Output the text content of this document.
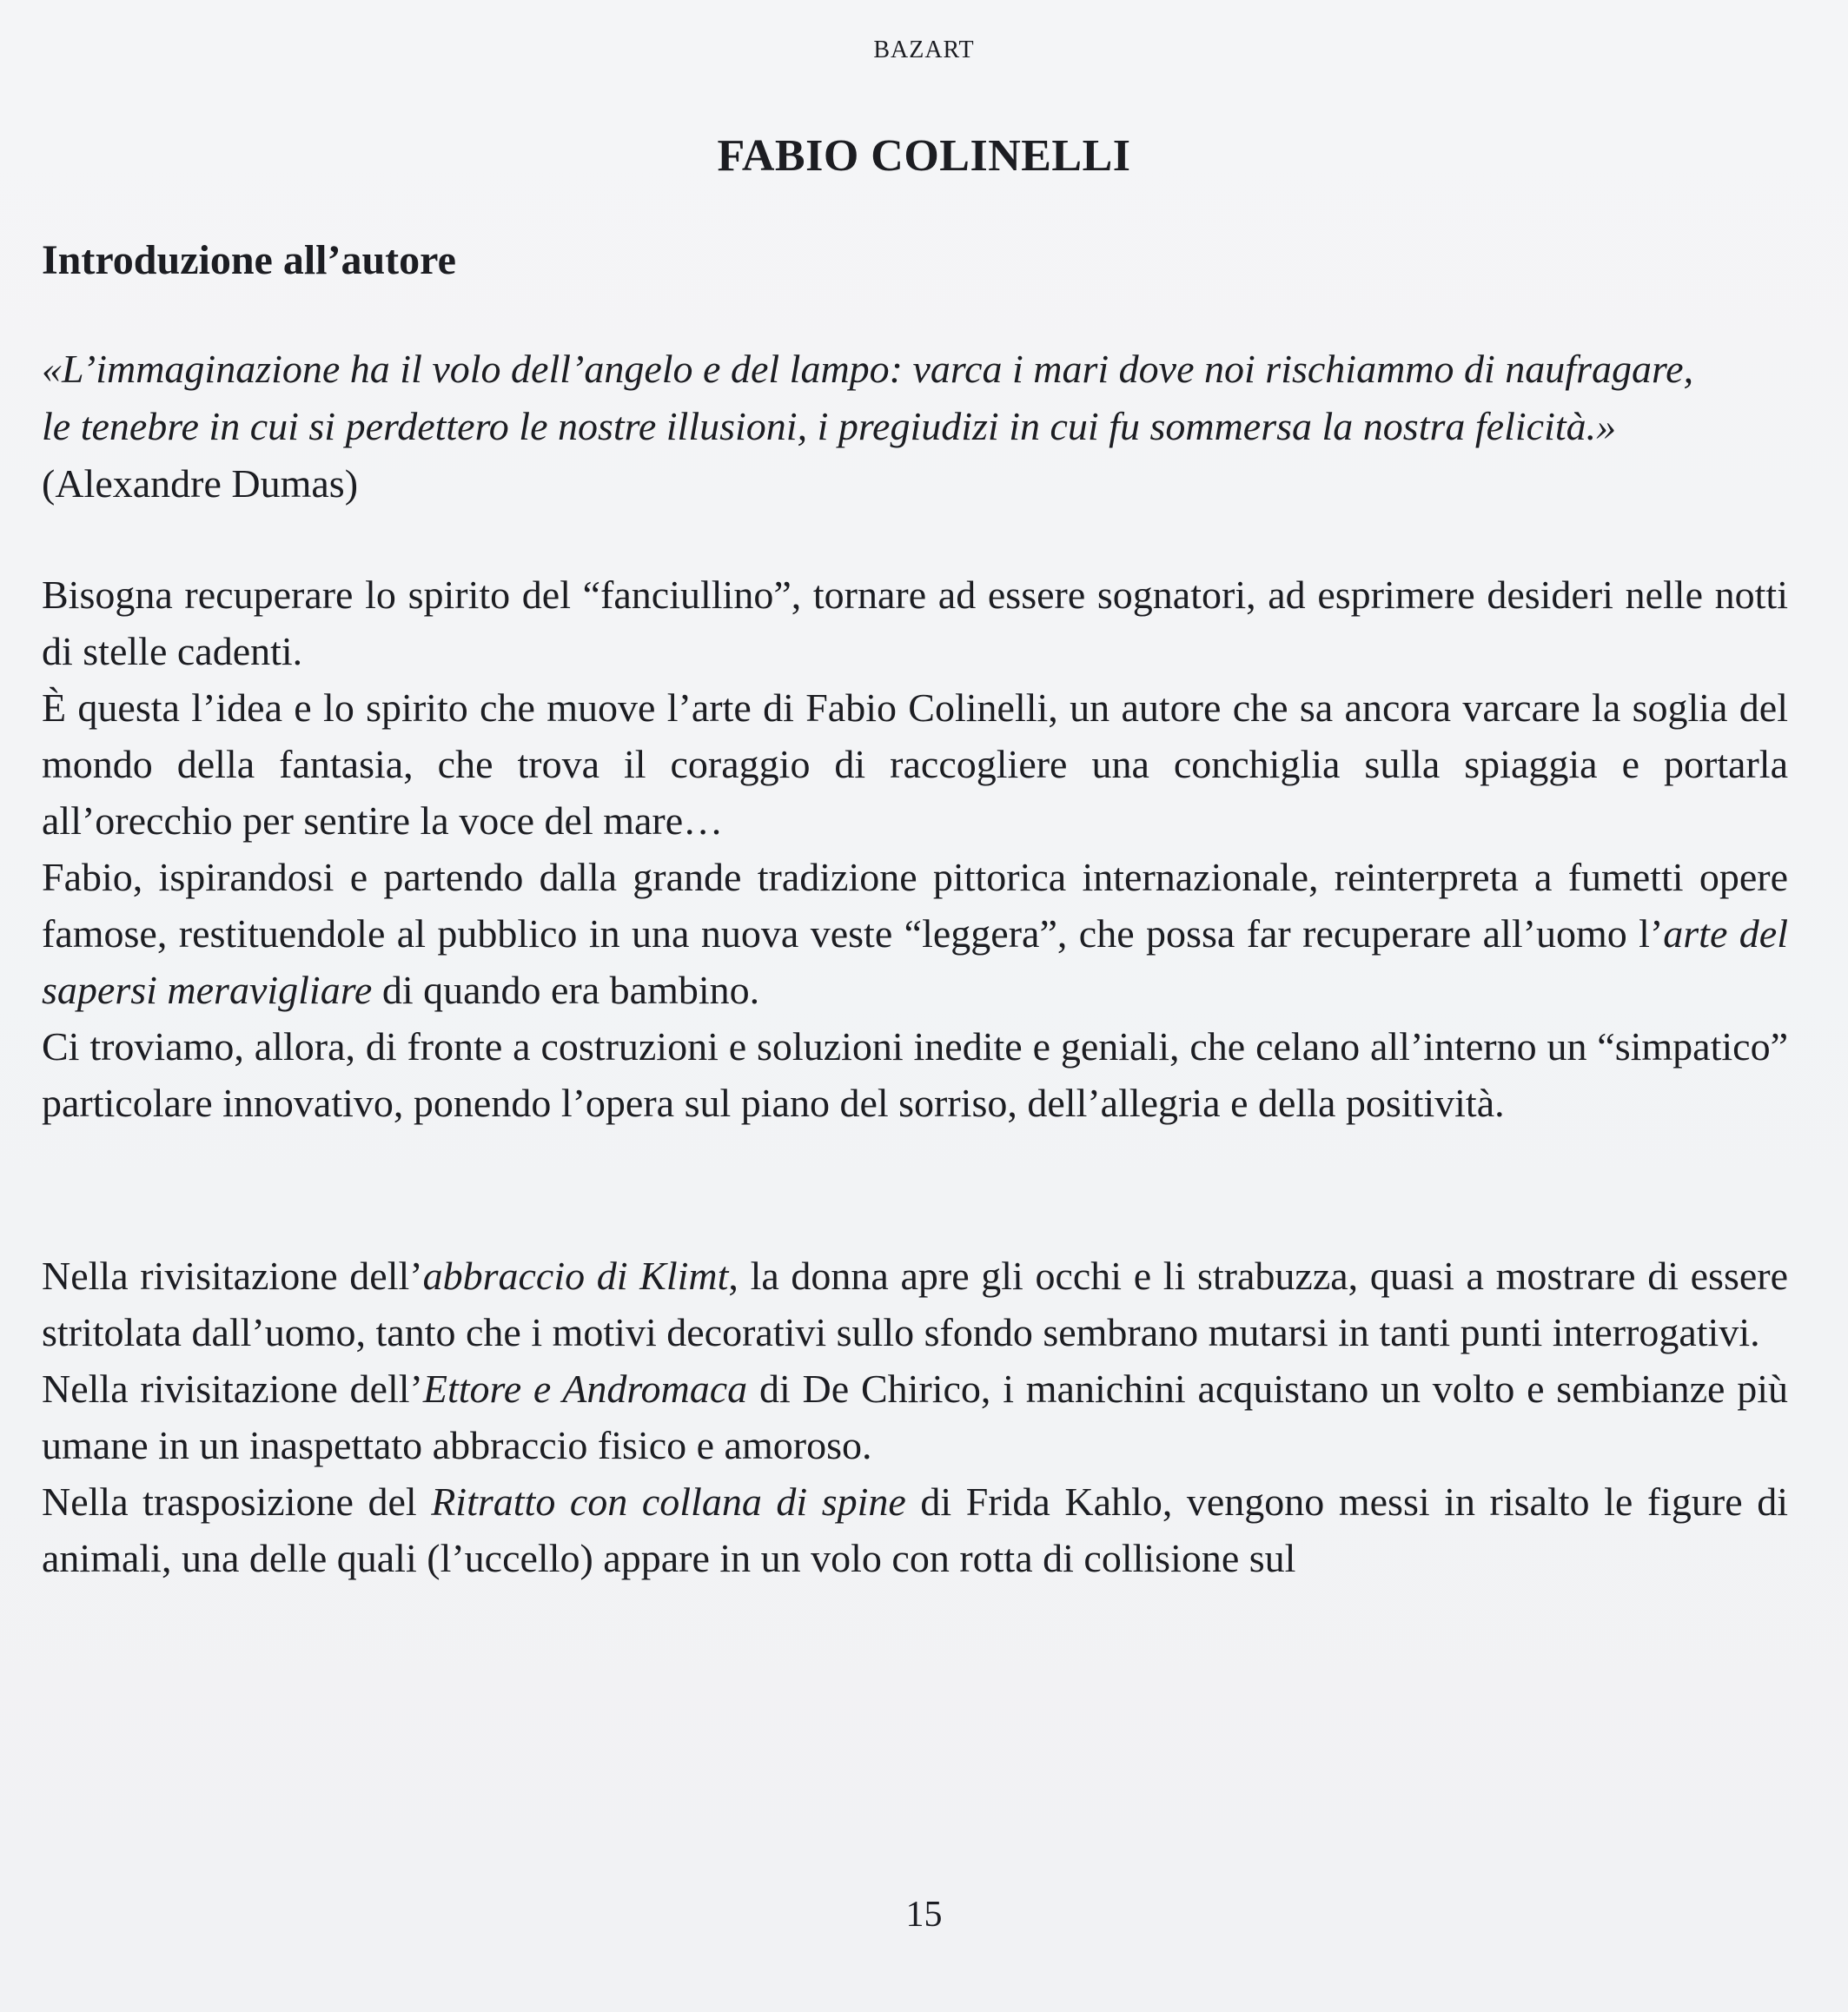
BAZART
FABIO COLINELLI
Introduzione all’autore

«L’immaginazione ha il volo dell’angelo e del lampo: varca i mari dove noi rischiammo di naufragare,

le tenebre in cui si perdettero le nostre illusioni, i pregiudizi in cui fu sommersa la nostra felicità.»

(Alexandre Dumas)

Bisogna recuperare lo spirito del “fanciullino”, tornare ad essere sognatori, ad esprimere desideri nelle notti di stelle cadenti.

È questa l’idea e lo spirito che muove l’arte di Fabio Colinelli, un autore che sa ancora varcare la soglia del mondo della fantasia, che trova il coraggio di raccogliere una conchiglia sulla spiaggia e portarla all’orecchio per sentire la voce del mare…

Fabio, ispirandosi e partendo dalla grande tradizione pittorica internazionale, reinterpreta a fumetti opere famose, restituendole al pubblico in una nuova veste “leggera”, che possa far recuperare all’uomo l’arte del sapersi meravigliare di quando era bambino.

Ci troviamo, allora, di fronte a costruzioni e soluzioni inedite e geniali, che celano all’interno un “simpatico” particolare innovativo, ponendo l’opera sul piano del sorriso, dell’allegria e della positività.

Nella rivisitazione dell’abbraccio di Klimt, la donna apre gli occhi e li strabuzza, quasi a mostrare di essere stritolata dall’uomo, tanto che i motivi decorativi sullo sfondo sembrano mutarsi in tanti punti interrogativi.

Nella rivisitazione dell’Ettore e Andromaca di De Chirico, i manichini acquistano un volto e sembianze più umane in un inaspettato abbraccio fisico e amoroso.

Nella trasposizione del Ritratto con collana di spine di Frida Kahlo, vengono messi in risalto le figure di animali, una delle quali (l’uccello) appare in un volo con rotta di collisione sul

15
